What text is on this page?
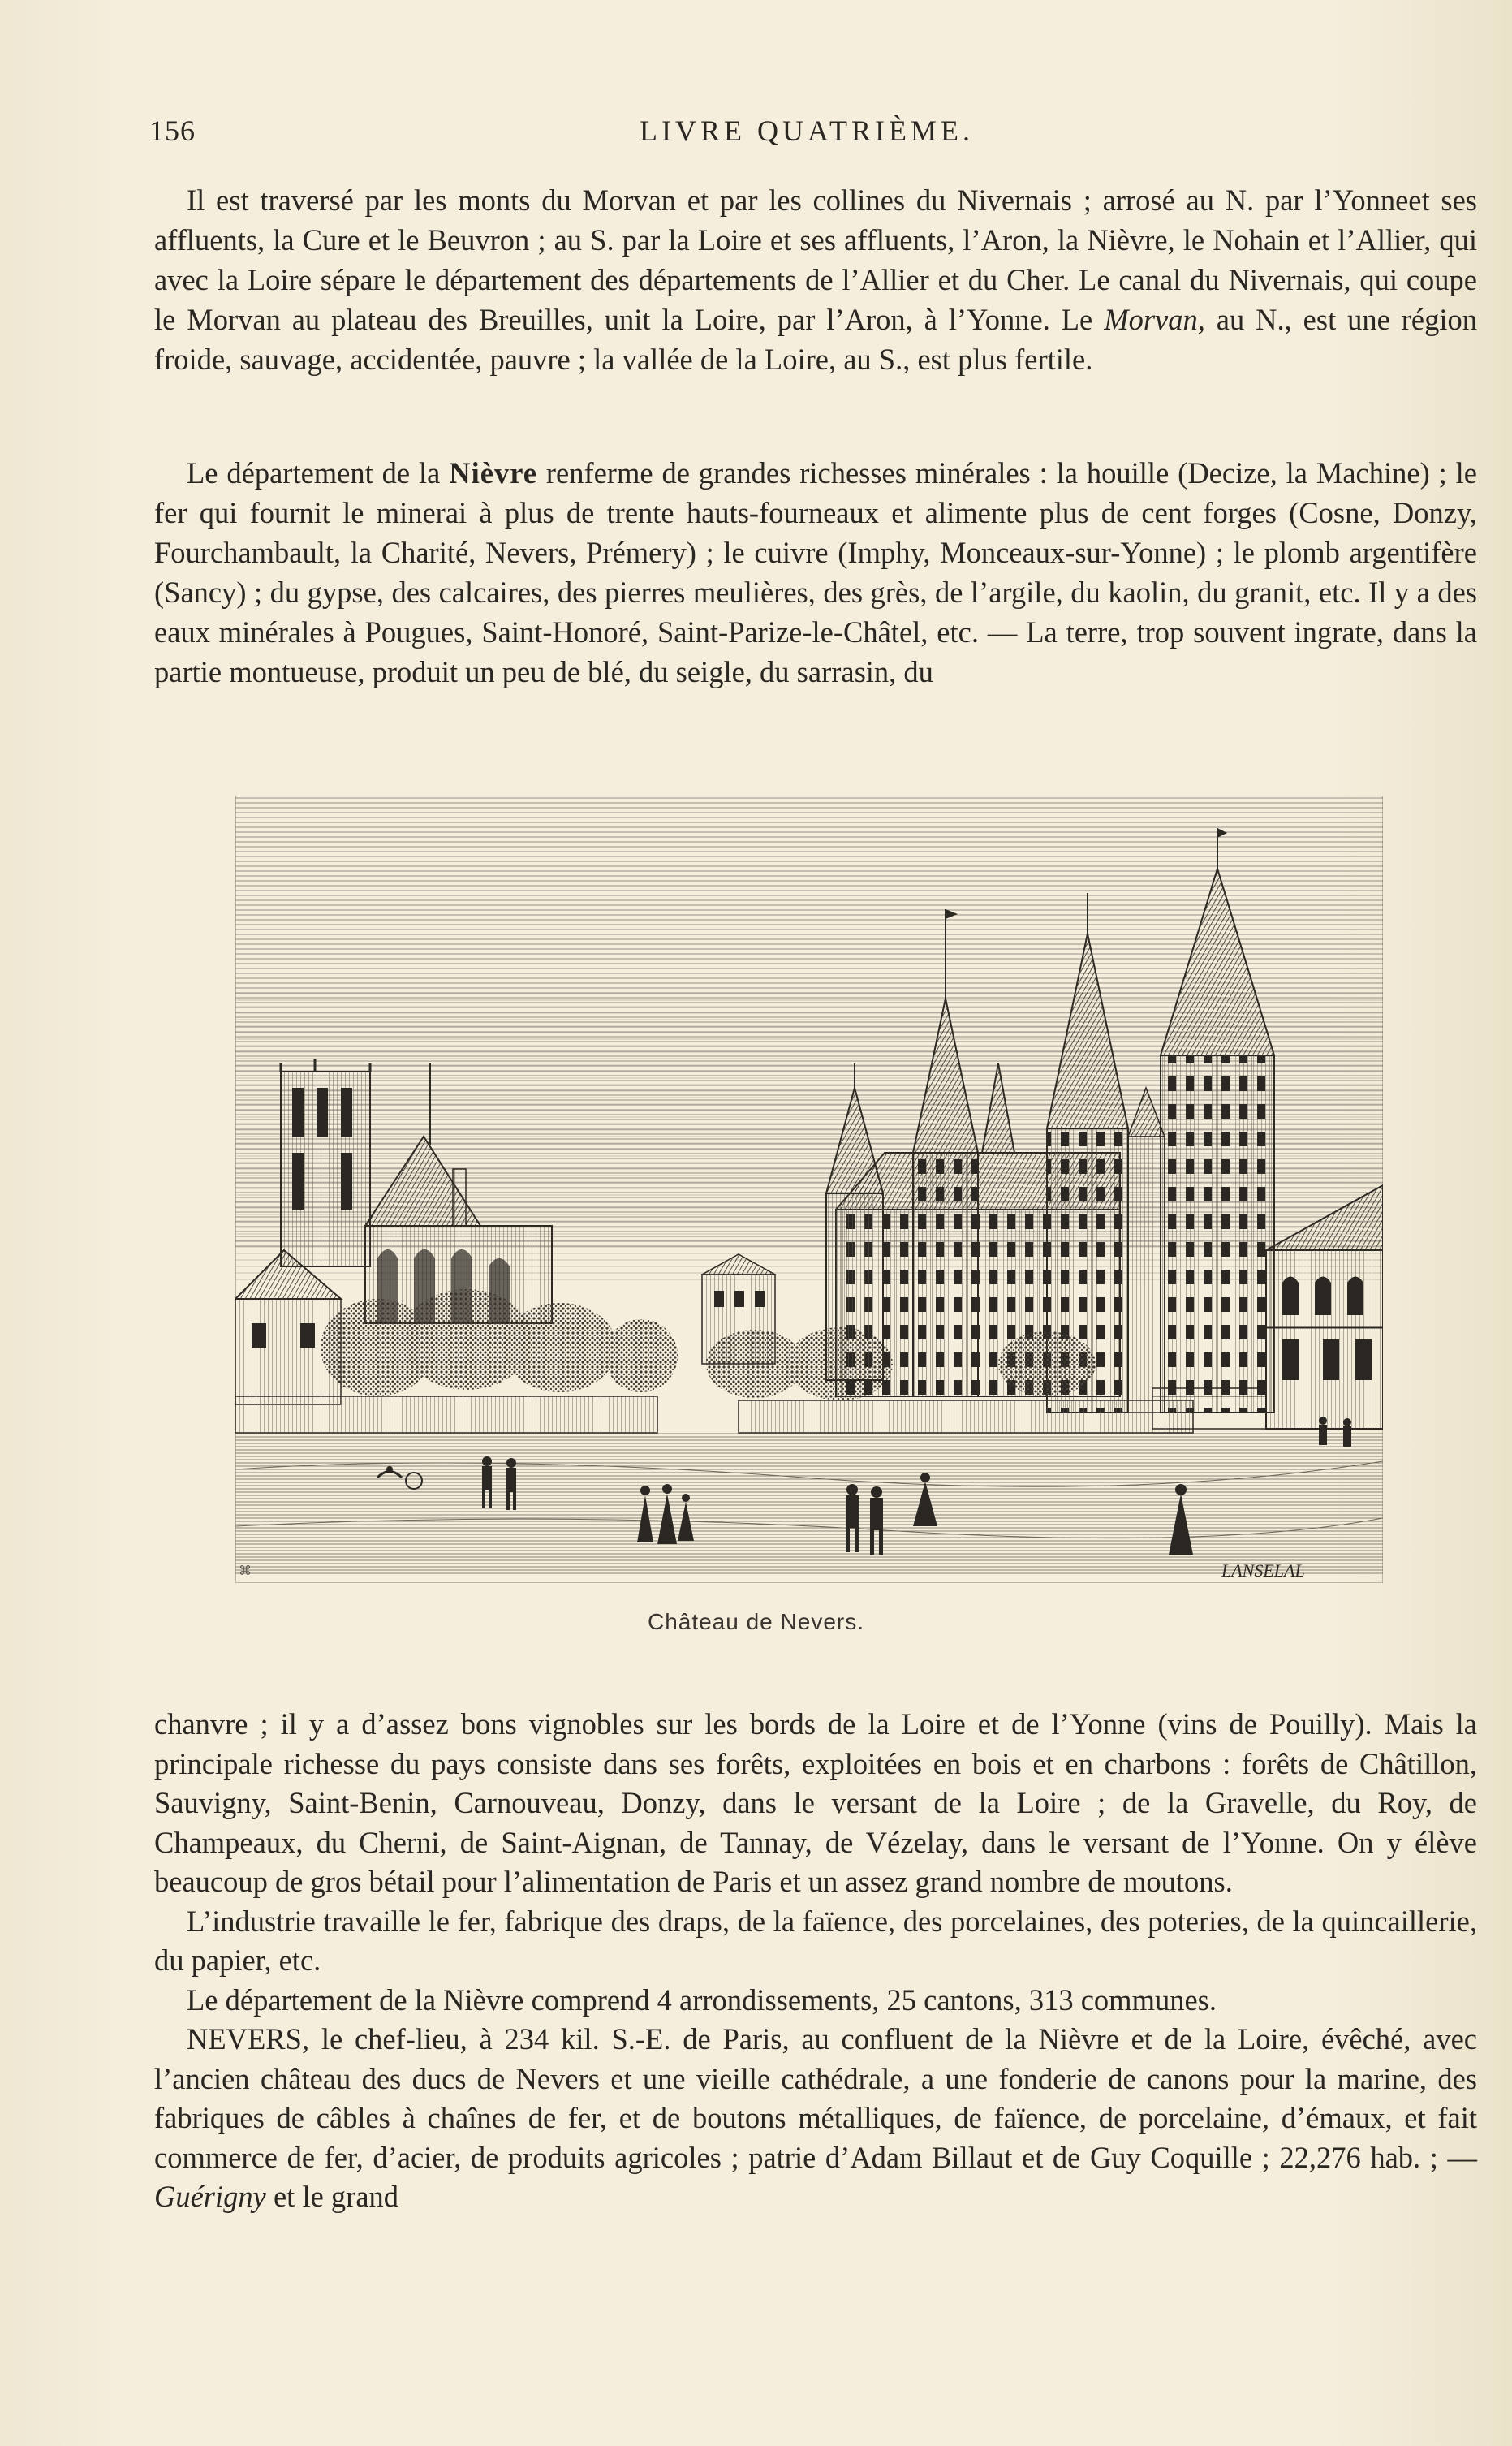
156	LIVRE QUATRIÈME.

Il est traversé par les monts du Morvan et par les collines du Nivernais ; arrosé au N. par l’Yonneet ses affluents, la Cure et le Beuvron ; au S. par la Loire et ses affluents, l’Aron, la Nièvre, le Nohain et l’Allier, qui avec la Loire sépare le département des départements de l’Allier et du Cher. Le canal du Nivernais, qui coupe le Morvan au plateau des Breuilles, unit la Loire, par l’Aron, à l’Yonne. Le Morvan, au N., est une région froide, sauvage, accidentée, pauvre ; la vallée de la Loire, au S., est plus fertile.

Le département de la Nièvre renferme de grandes richesses minérales : la houille (Decize, la Machine) ; le fer qui fournit le minerai à plus de trente hauts-fourneaux et alimente plus de cent forges (Cosne, Donzy, Fourchambault, la Charité, Nevers, Prémery) ; le cuivre (Imphy, Monceaux-sur-Yonne) ; le plomb argentifère (Sancy) ; du gypse, des calcaires, des pierres meulières, des grès, de l’argile, du kaolin, du granit, etc. Il y a des eaux minérales à Pougues, Saint-Honoré, Saint-Parize-le-Châtel, etc. — La terre, trop souvent ingrate, dans la partie montueuse, produit un peu de blé, du seigle, du sarrasin, du

LANSELAL
⌘
Château de Nevers.

chanvre ; il y a d’assez bons vignobles sur les bords de la Loire et de l’Yonne (vins de Pouilly). Mais la principale richesse du pays consiste dans ses forêts, exploitées en bois et en charbons : forêts de Châtillon, Sauvigny, Saint-Benin, Carnouveau, Donzy, dans le versant de la Loire ; de la Gravelle, du Roy, de Champeaux, du Cherni, de Saint-Aignan, de Tannay, de Vézelay, dans le versant de l’Yonne. On y élève beaucoup de gros bétail pour l’alimentation de Paris et un assez grand nombre de moutons.

L’industrie travaille le fer, fabrique des draps, de la faïence, des porcelaines, des poteries, de la quincaillerie, du papier, etc.

Le département de la Nièvre comprend 4 arrondissements, 25 cantons, 313 communes.

NEVERS, le chef-lieu, à 234 kil. S.-E. de Paris, au confluent de la Nièvre et de la Loire, évêché, avec l’ancien château des ducs de Nevers et une vieille cathédrale, a une fonderie de canons pour la marine, des fabriques de câbles à chaînes de fer, et de boutons métalliques, de faïence, de porcelaine, d’émaux, et fait commerce de fer, d’acier, de produits agricoles ; patrie d’Adam Billaut et de Guy Coquille ; 22,276 hab. ; — Guérigny et le grand
